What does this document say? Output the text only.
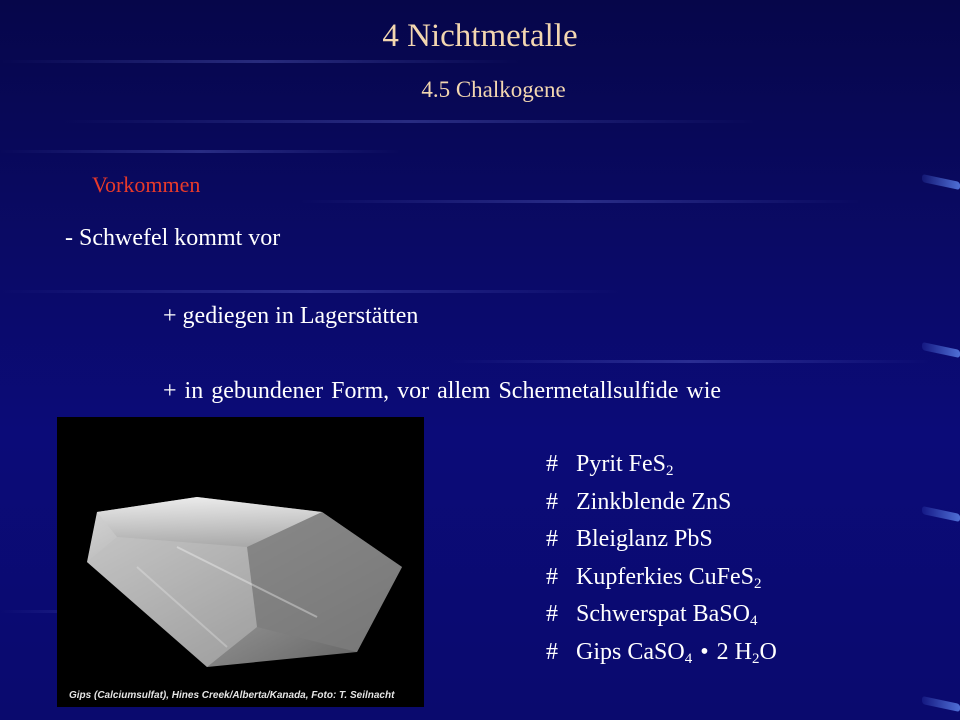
4 Nichtmetalle
4.5 Chalkogene
Vorkommen
- Schwefel kommt vor
+ gediegen in Lagerstätten
+ in gebundener Form, vor allem Schermetallsulfide wie
Gips (Calciumsulfat), Hines Creek/Alberta/Kanada, Foto: T. Seilnacht
# Pyrit FeS$_2$
# Zinkblende ZnS
# Bleiglanz PbS
# Kupferkies CuFeS$_2$
# Schwerspat BaSO$_4$
# Gips CaSO$_4$ • 2 $H_2O$
